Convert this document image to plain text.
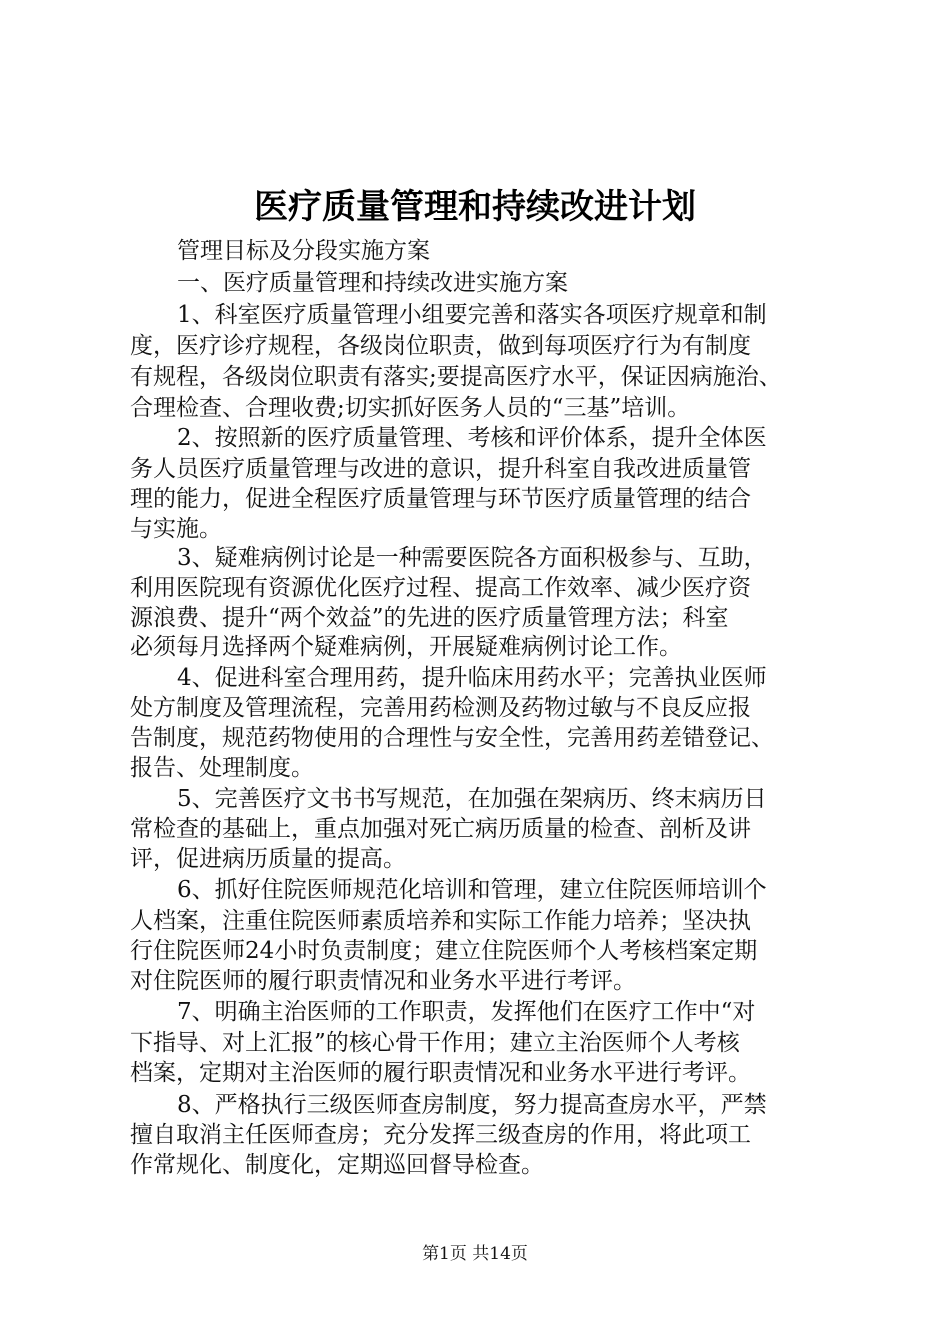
医疗质量管理和持续改进计划

管理目标及分段实施方案

一、医疗质量管理和持续改进实施方案

1、科室医疗质量管理小组要完善和落实各项医疗规章和制

度，医疗诊疗规程，各级岗位职责，做到每项医疗行为有制度

有规程，各级岗位职责有落实;要提高医疗水平，保证因病施治、

合理检查、合理收费;切实抓好医务人员的“三基”培训。

2、按照新的医疗质量管理、考核和评价体系，提升全体医

务人员医疗质量管理与改进的意识，提升科室自我改进质量管

理的能力，促进全程医疗质量管理与环节医疗质量管理的结合

与实施。

3、疑难病例讨论是一种需要医院各方面积极参与、互助，

利用医院现有资源优化医疗过程、提高工作效率、减少医疗资

源浪费、提升“两个效益”的先进的医疗质量管理方法；科室

必须每月选择两个疑难病例，开展疑难病例讨论工作。

4、促进科室合理用药，提升临床用药水平；完善执业医师

处方制度及管理流程，完善用药检测及药物过敏与不良反应报

告制度，规范药物使用的合理性与安全性，完善用药差错登记、

报告、处理制度。

5、完善医疗文书书写规范，在加强在架病历、终末病历日

常检查的基础上，重点加强对死亡病历质量的检查、剖析及讲

评，促进病历质量的提高。

6、抓好住院医师规范化培训和管理，建立住院医师培训个

人档案，注重住院医师素质培养和实际工作能力培养；坚决执

行住院医师24小时负责制度；建立住院医师个人考核档案定期

对住院医师的履行职责情况和业务水平进行考评。

7、明确主治医师的工作职责，发挥他们在医疗工作中“对

下指导、对上汇报”的核心骨干作用；建立主治医师个人考核

档案，定期对主治医师的履行职责情况和业务水平进行考评。

8、严格执行三级医师查房制度，努力提高查房水平，严禁

擅自取消主任医师查房；充分发挥三级查房的作用，将此项工

作常规化、制度化，定期巡回督导检查。

第1页 共14页
